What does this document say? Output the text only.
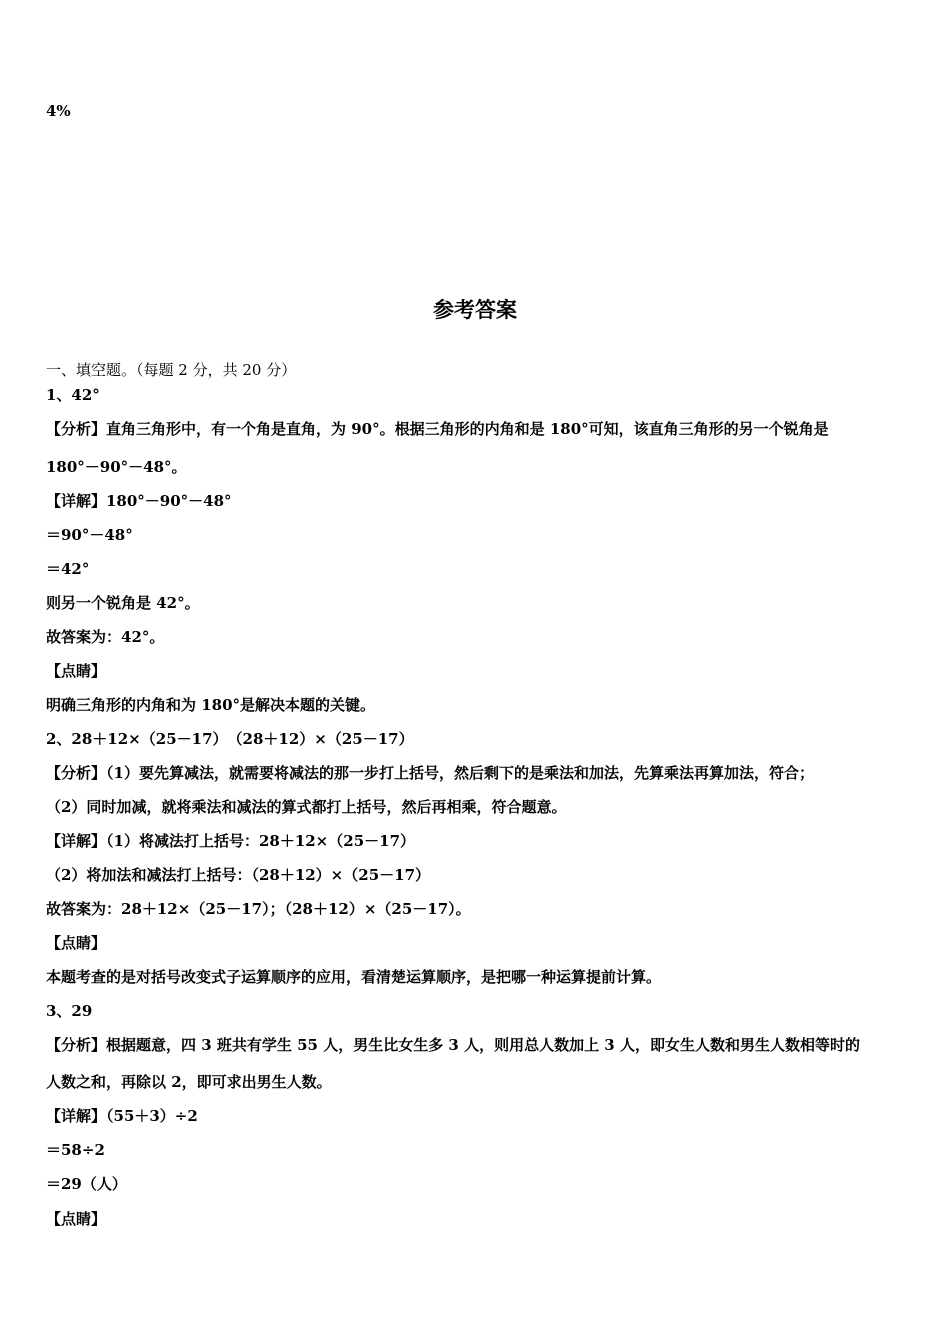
4%
参考答案
一、填空题。（每题 2 分，共 20 分）
1、42°
【分析】直角三角形中，有一个角是直角，为 90°。根据三角形的内角和是 180°可知，该直角三角形的另一个锐角是
180°－90°－48°。
【详解】180°－90°－48°
＝90°－48°
＝42°
则另一个锐角是 42°。
故答案为：42°。
【点睛】
明确三角形的内角和为 180°是解决本题的关键。
2、28＋12×（25－17）　（28＋12）×（25－17）
【分析】（1）要先算减法，就需要将减法的那一步打上括号，然后剩下的是乘法和加法，先算乘法再算加法，符合；
（2）同时加减，就将乘法和减法的算式都打上括号，然后再相乘，符合题意。
【详解】（1）将减法打上括号：28＋12×（25－17）
（2）将加法和减法打上括号：（28＋12）×（25－17）
故答案为：28＋12×（25－17）；（28＋12）×（25－17）。
【点睛】
本题考查的是对括号改变式子运算顺序的应用，看清楚运算顺序，是把哪一种运算提前计算。
3、29
【分析】根据题意，四 3 班共有学生 55 人，男生比女生多 3 人，则用总人数加上 3 人，即女生人数和男生人数相等时的
人数之和，再除以 2，即可求出男生人数。
【详解】（55＋3）÷2
＝58÷2
＝29（人）
【点睛】
